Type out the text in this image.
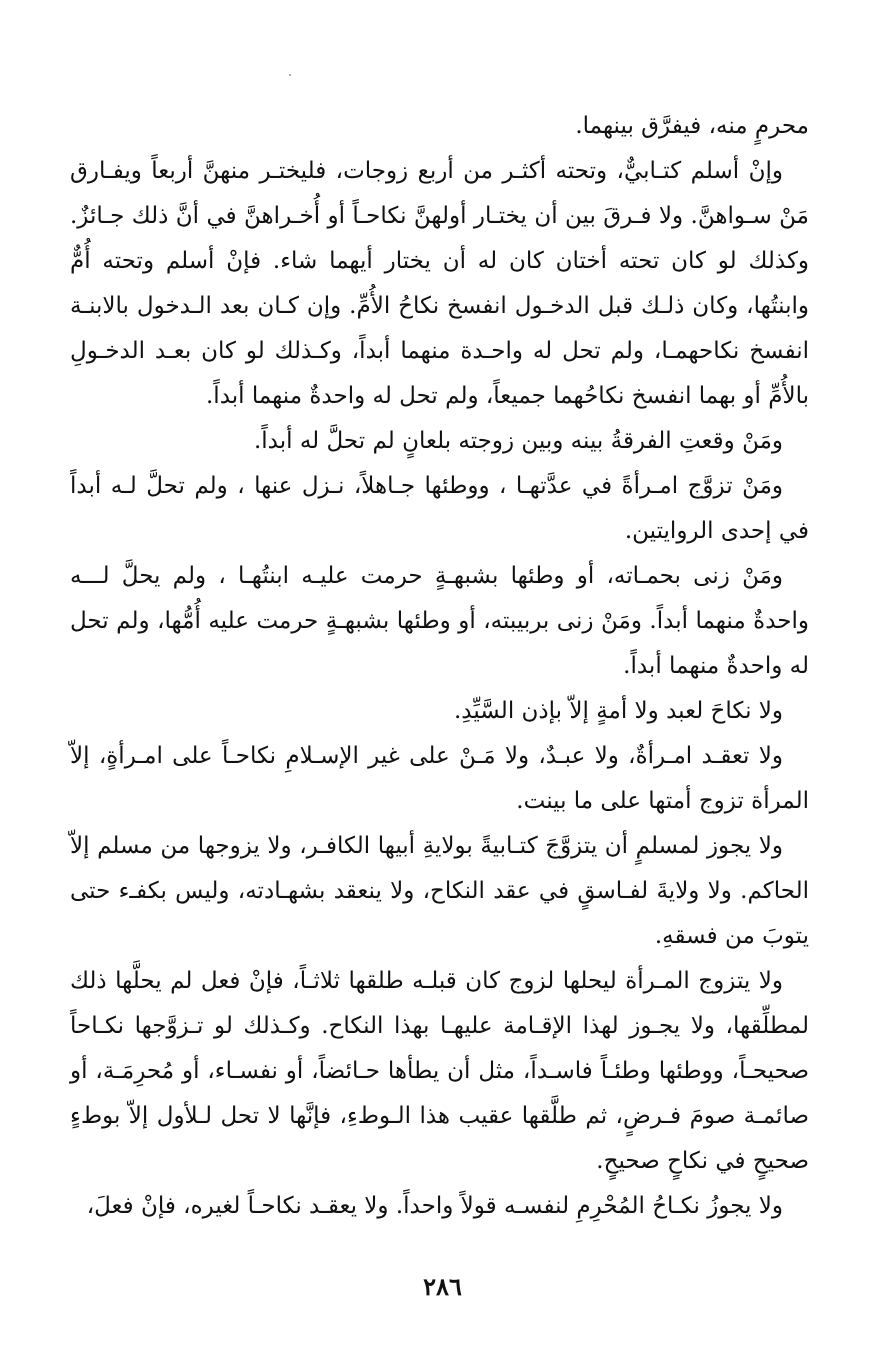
محرمٍ منه، فيفرَّق بينهما.

وإنْ أسلم كتـابيٌّ، وتحته أكثـر من أربع زوجات، فليختـر منهنَّ أربعاً ويفـارق مَنْ سـواهنَّ. ولا فـرقَ بين أن يختـار أولهنَّ نكاحـاً أو أُخـراهنَّ في أنَّ ذلك جـائزٌ. وكذلك لو كان تحته أختان كان له أن يختار أيهما شاء. فإنْ أسلم وتحته أُمٌّ وابنتُها، وكان ذلـك قبل الدخـول انفسخ نكاحُ الأُمِّ. وإن كـان بعد الـدخول بالابنـة انفسخ نكاحهمـا، ولم تحل له واحـدة منهما أبداً، وكـذلك لو كان بعـد الدخـولِ بالأُمِّ أو بهما انفسخ نكاحُهما جميعاً، ولم تحل له واحدةٌ منهما أبداً.

ومَنْ وقعتِ الفرقةُ بينه وبين زوجته بلعانٍ لم تحلَّ له أبداً.

ومَنْ تزوَّج امـرأةً في عدَّتهـا ، ووطئها جـاهلاً، نـزل عنها ، ولم تحلَّ لـه أبداً في إحدى الروايتين.

ومَنْ زنى بحمـاته، أو وطئها بشبهـةٍ حرمت عليـه ابنتُهـا ، ولم يحلَّ لـــه واحدةٌ منهما أبداً. ومَنْ زنى بربيبته، أو وطئها بشبهـةٍ حرمت عليه أُمُّها، ولم تحل له واحدةٌ منهما أبداً.

ولا نكاحَ لعبد ولا أمةٍ إلاّ بإذن السَّيِّدِ.

ولا تعقـد امـرأةٌ، ولا عبـدٌ، ولا مَـنْ على غير الإسـلامِ نكاحـاً على امـرأةٍ، إلاّ المرأة تزوج أمتها على ما بينت.

ولا يجوز لمسلمٍ أن يتزوَّجَ كتـابيةً بولايةِ أبيها الكافـر، ولا يزوجها من مسلم إلاّ الحاكم. ولا ولايةَ لفـاسقٍ في عقد النكاح، ولا ينعقد بشهـادته، وليس بكفـء حتى يتوبَ من فسقهِ.

ولا يتزوج المـرأة ليحلها لزوج كان قبلـه طلقها ثلاثـاً، فإنْ فعل لم يحلَّها ذلك لمطلِّقها، ولا يجـوز لهذا الإقـامة عليهـا بهذا النكاح. وكـذلك لو تـزوَّجها نكـاحاً صحيحـاً، ووطئها وطئـاً فاسـداً، مثل أن يطأها حـائضاً، أو نفسـاء، أو مُحرِمَـة، أو صائمـة صومَ فـرضٍ، ثم طلَّقها عقيب هذا الـوطءِ، فإنَّها لا تحل لـلأول إلاّ بوطءٍ صحيحٍ في نكاحٍ صحيحٍ.

ولا يجوزُ نكـاحُ المُحْرِمِ لنفسـه قولاً واحداً. ولا يعقـد نكاحـاً لغيره، فإنْ فعلَ،

٢٨٦
